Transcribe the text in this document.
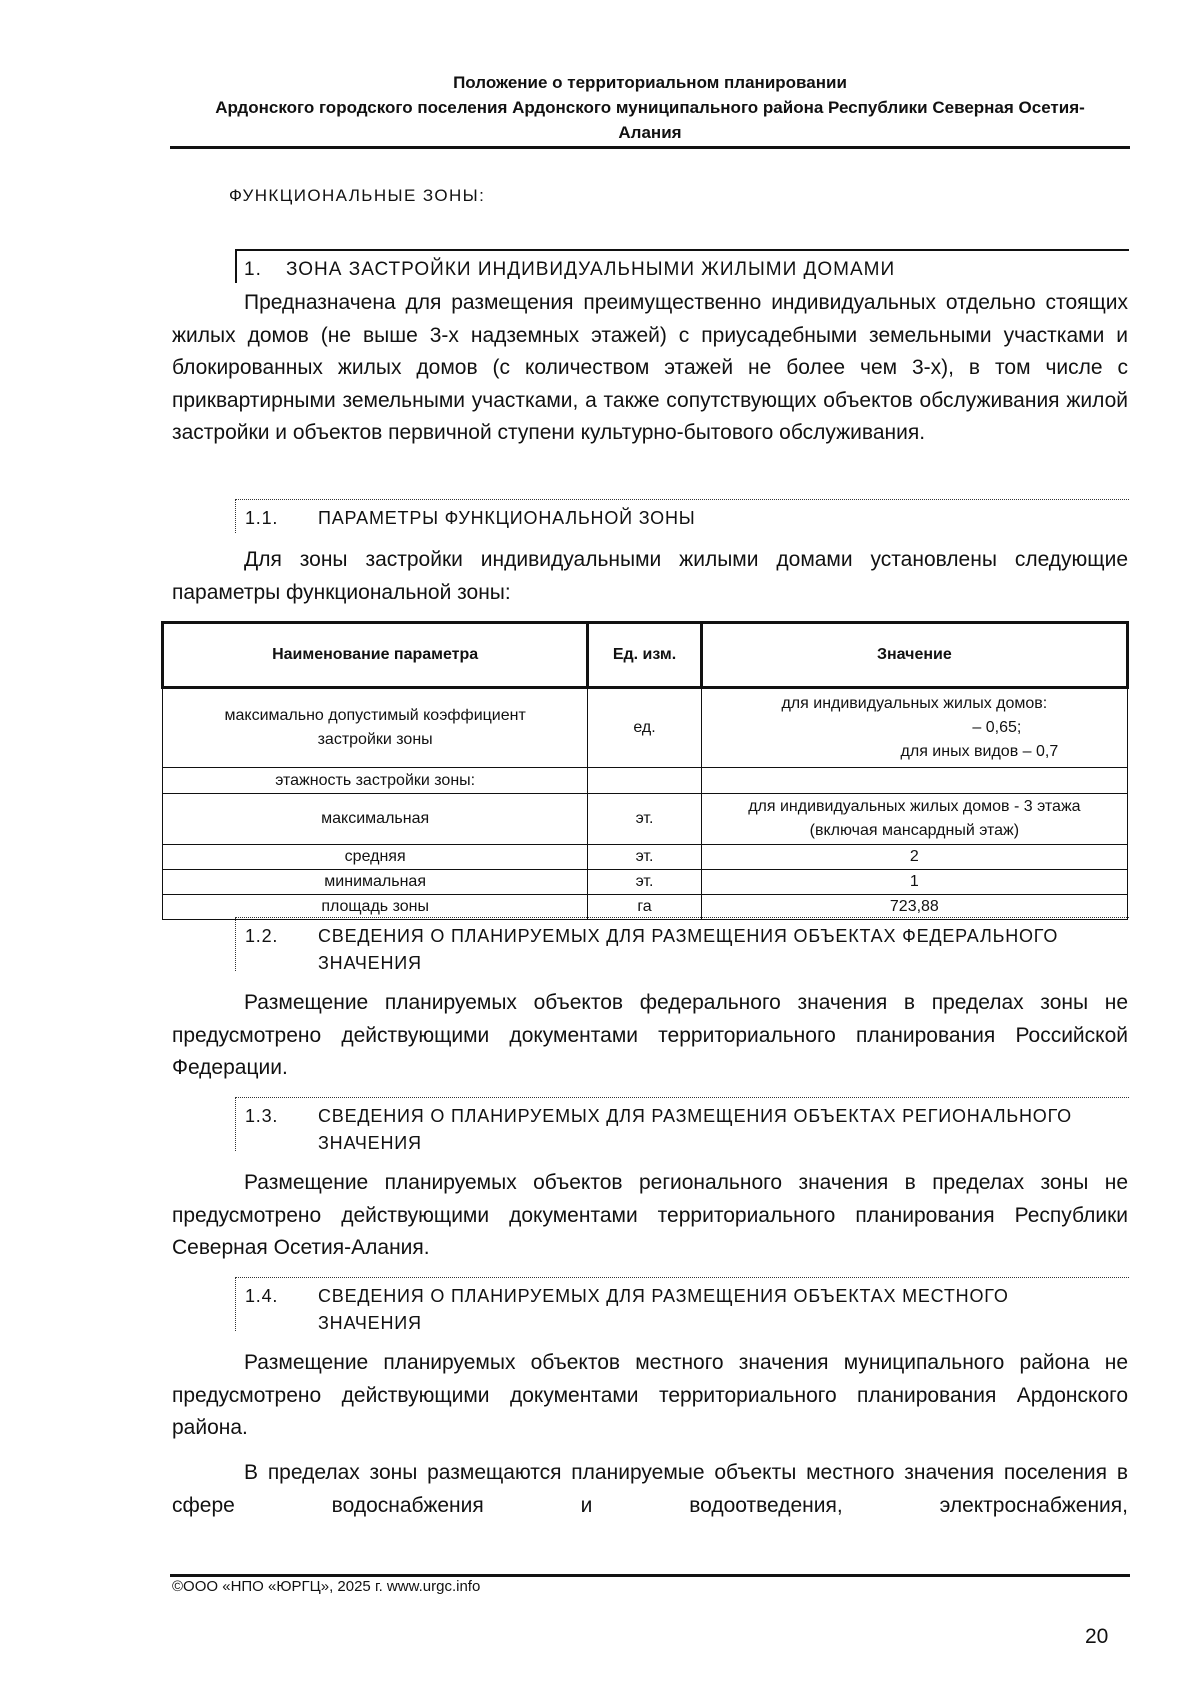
Положение о территориальном планировании
Ардонского городского поселения Ардонского муниципального района Республики Северная Осетия-
Алания
ФУНКЦИОНАЛЬНЫЕ ЗОНЫ:
1. ЗОНА ЗАСТРОЙКИ ИНДИВИДУАЛЬНЫМИ ЖИЛЫМИ ДОМАМИ
Предназначена для размещения преимущественно индивидуальных отдельно стоящих жилых домов (не выше 3-х надземных этажей) с приусадебными земельными участками и блокированных жилых домов (с количеством этажей не более чем 3-х), в том числе с приквартирными земельными участками, а также сопутствующих объектов обслуживания жилой застройки и объектов первичной ступени культурно-бытового обслуживания.
1.1. ПАРАМЕТРЫ ФУНКЦИОНАЛЬНОЙ ЗОНЫ
Для зоны застройки индивидуальными жилыми домами установлены следующие параметры функциональной зоны:
Наименование параметра	Ед. изм.	Значение

максимально допустимый коэффициент застройки зоны	ед.	для индивидуальных жилых домов:
– 0,65;
для иных видов – 0,7

этажность застройки зоны:		
максимальная	эт.	для индивидуальных жилых домов - 3 этажа
(включая мансардный этаж)

средняя	эт.	2
минимальная	эт.	1
площадь зоны	га	723,88
1.2. СВЕДЕНИЯ О ПЛАНИРУЕМЫХ ДЛЯ РАЗМЕЩЕНИЯ ОБЪЕКТАХ ФЕДЕРАЛЬНОГО ЗНАЧЕНИЯ
Размещение планируемых объектов федерального значения в пределах зоны не предусмотрено действующими документами территориального планирования Российской Федерации.
1.3. СВЕДЕНИЯ О ПЛАНИРУЕМЫХ ДЛЯ РАЗМЕЩЕНИЯ ОБЪЕКТАХ РЕГИОНАЛЬНОГО ЗНАЧЕНИЯ
Размещение планируемых объектов регионального значения в пределах зоны не предусмотрено действующими документами территориального планирования Республики Северная Осетия-Алания.
1.4. СВЕДЕНИЯ О ПЛАНИРУЕМЫХ ДЛЯ РАЗМЕЩЕНИЯ ОБЪЕКТАХ МЕСТНОГО ЗНАЧЕНИЯ
Размещение планируемых объектов местного значения муниципального района не предусмотрено действующими документами территориального планирования Ардонского района.
В пределах зоны размещаются планируемые объекты местного значения поселения в сфере водоснабжения и водоотведения, электроснабжения,
©ООО «НПО «ЮРГЦ», 2025 г. www.urgc.info
20
